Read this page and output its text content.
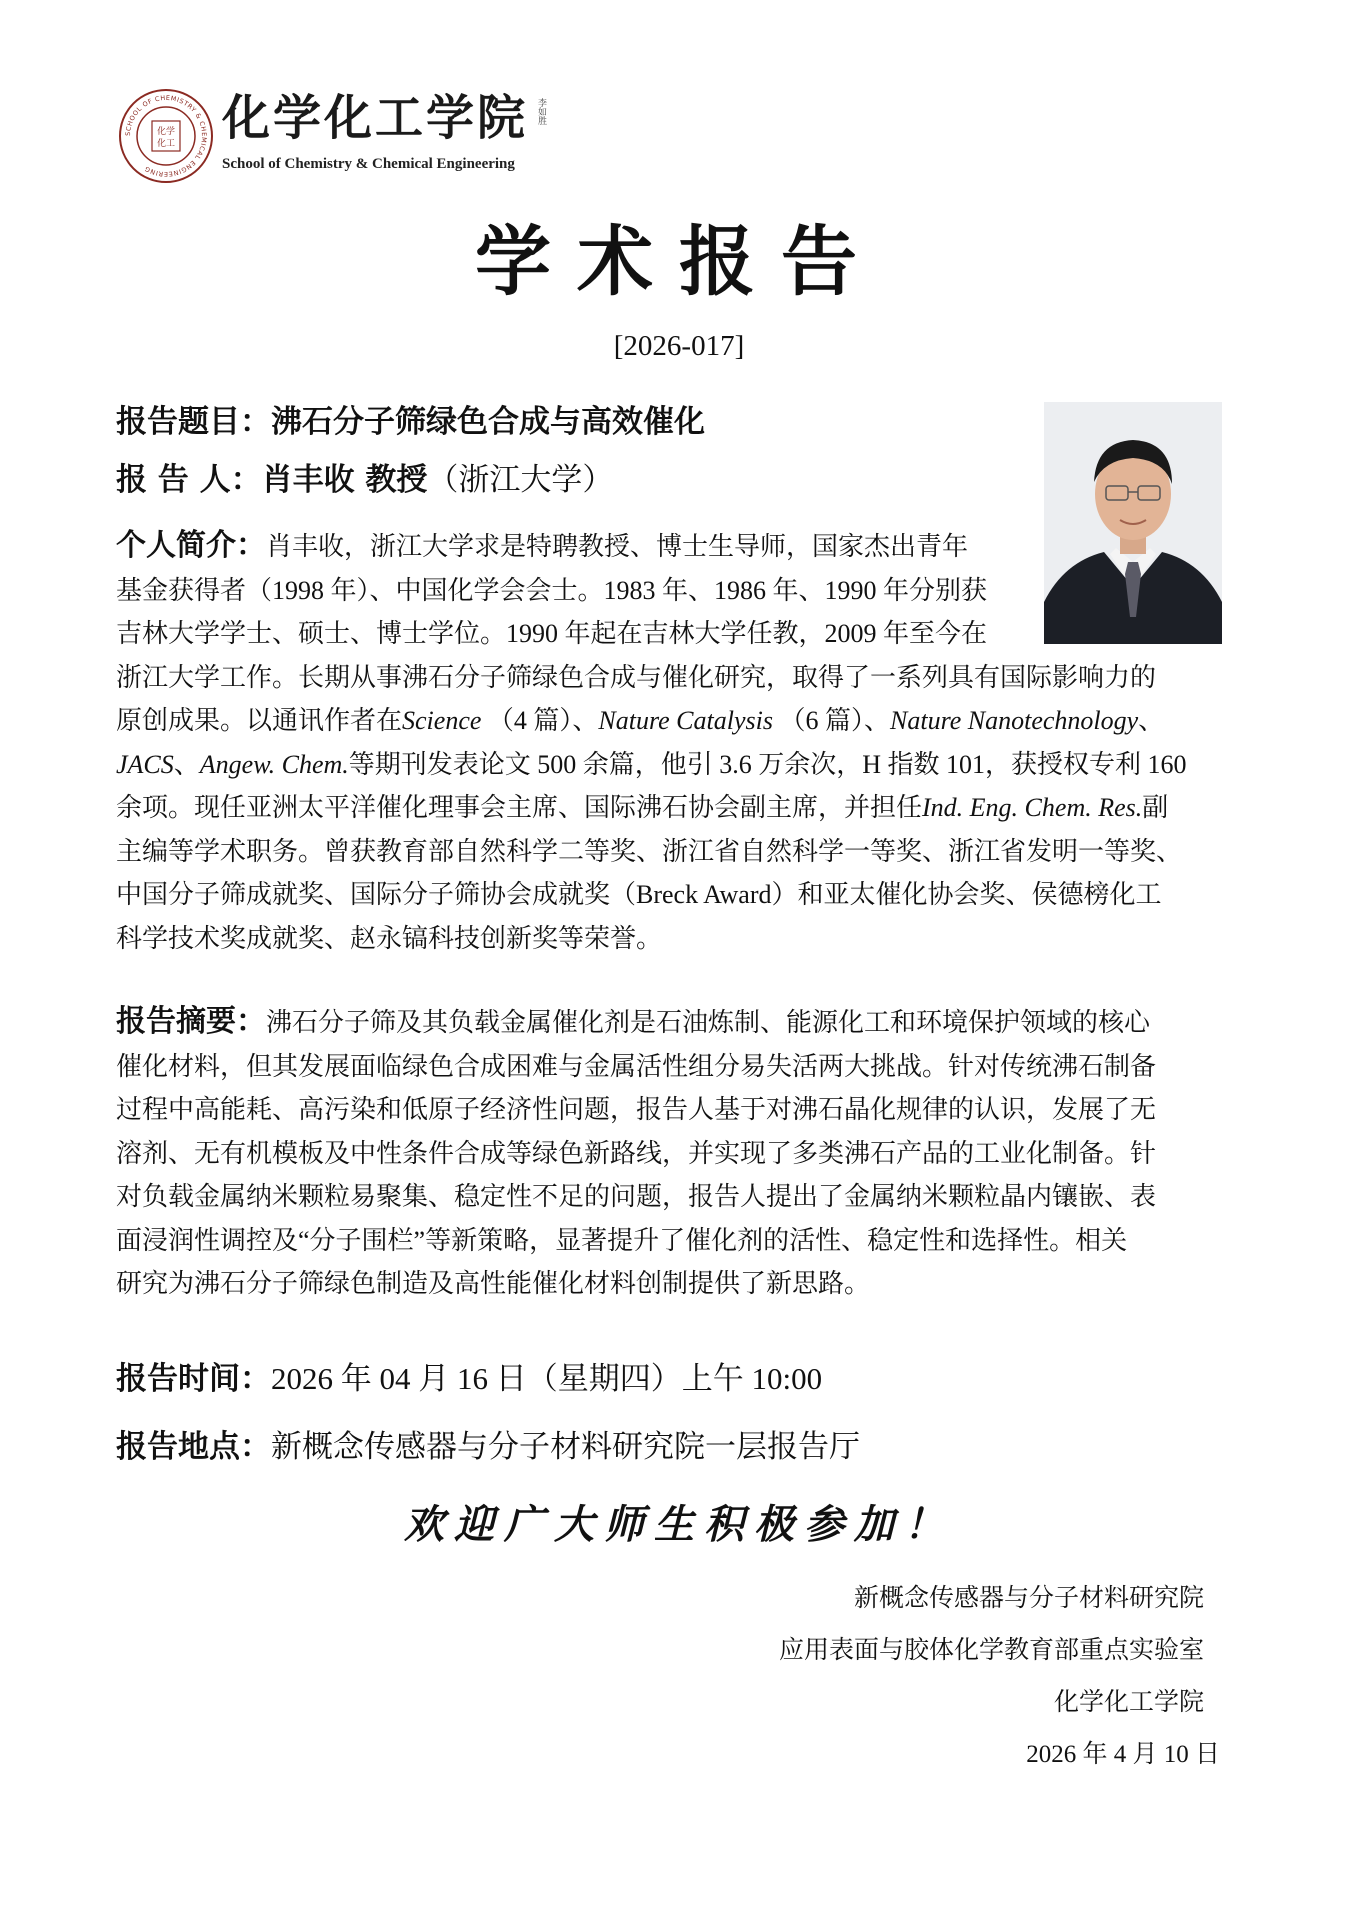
SCHOOL OF CHEMISTRY & CHEMICAL ENGINEERING
化学
化工 化学化工学院
School of Chemistry & Chemical Engineering
李如胜
学术报告
[2026-017]
报告题目：沸石分子筛绿色合成与高效催化
报 告 人：肖丰收 教授（浙江大学）
个人简介：肖丰收，浙江大学求是特聘教授、博士生导师，国家杰出青年
基金获得者（1998 年）、中国化学会会士。1983 年、1986 年、1990 年分别获
吉林大学学士、硕士、博士学位。1990 年起在吉林大学任教，2009 年至今在
浙江大学工作。长期从事沸石分子筛绿色合成与催化研究，取得了一系列具有国际影响力的
原创成果。以通讯作者在Science （4 篇）、Nature Catalysis （6 篇）、Nature Nanotechnology、
JACS、Angew. Chem.等期刊发表论文 500 余篇，他引 3.6 万余次，H 指数 101，获授权专利 160
余项。现任亚洲太平洋催化理事会主席、国际沸石协会副主席，并担任Ind. Eng. Chem. Res.副
主编等学术职务。曾获教育部自然科学二等奖、浙江省自然科学一等奖、浙江省发明一等奖、
中国分子筛成就奖、国际分子筛协会成就奖（Breck Award）和亚太催化协会奖、侯德榜化工
科学技术奖成就奖、赵永镐科技创新奖等荣誉。
报告摘要：沸石分子筛及其负载金属催化剂是石油炼制、能源化工和环境保护领域的核心
催化材料，但其发展面临绿色合成困难与金属活性组分易失活两大挑战。针对传统沸石制备
过程中高能耗、高污染和低原子经济性问题，报告人基于对沸石晶化规律的认识，发展了无
溶剂、无有机模板及中性条件合成等绿色新路线，并实现了多类沸石产品的工业化制备。针
对负载金属纳米颗粒易聚集、稳定性不足的问题，报告人提出了金属纳米颗粒晶内镶嵌、表
面浸润性调控及“分子围栏”等新策略，显著提升了催化剂的活性、稳定性和选择性。相关
研究为沸石分子筛绿色制造及高性能催化材料创制提供了新思路。
报告时间：2026 年 04 月 16 日（星期四）上午 10:00
报告地点：新概念传感器与分子材料研究院一层报告厅
欢迎广大师生积极参加！
新概念传感器与分子材料研究院
应用表面与胶体化学教育部重点实验室
化学化工学院
2026 年 4 月 10 日
